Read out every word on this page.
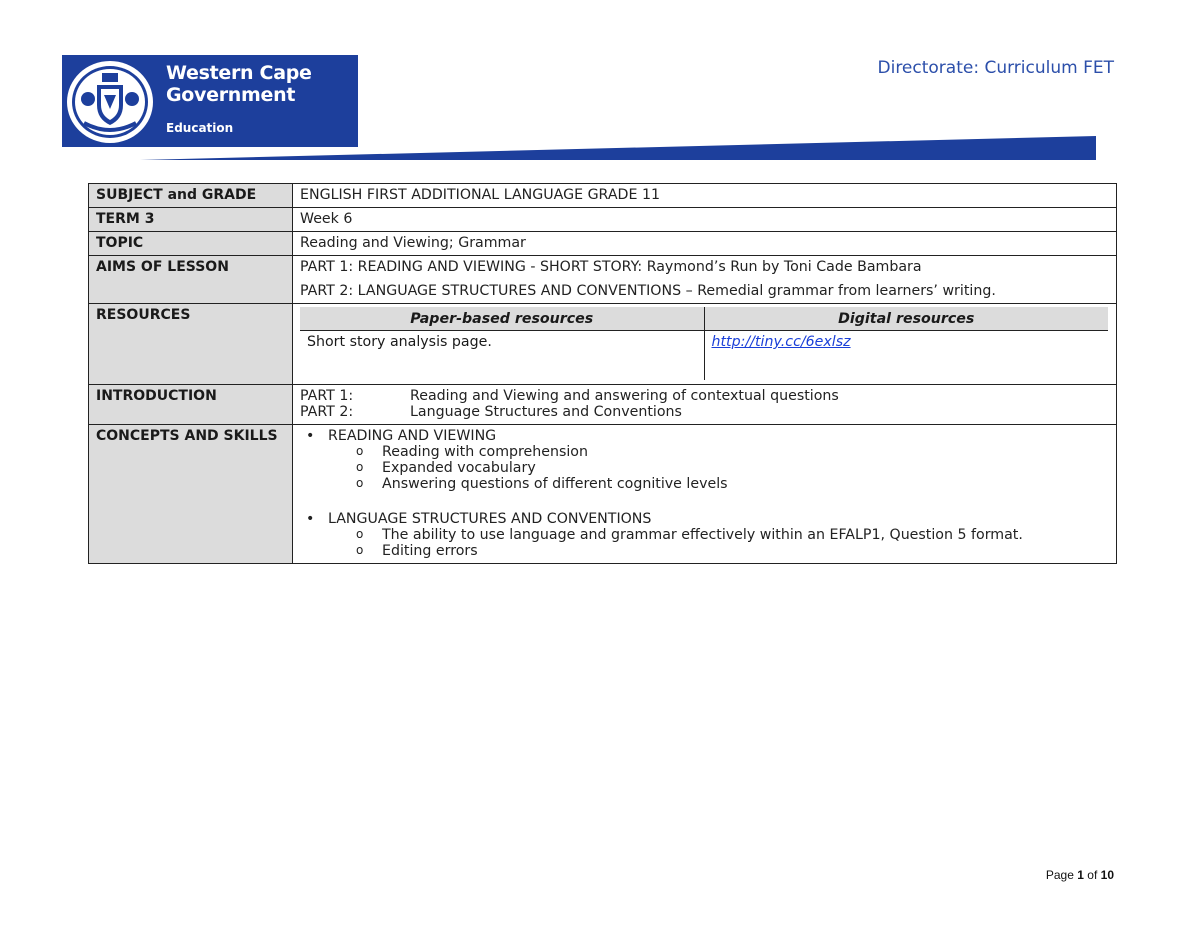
Western Cape
Government
Education
Directorate: Curriculum FET
SUBJECT and GRADE	ENGLISH FIRST ADDITIONAL LANGUAGE GRADE 11
TERM 3	Week 6
TOPIC	Reading and Viewing; Grammar
AIMS OF LESSON	PART 1: READING AND VIEWING - SHORT STORY: Raymond’s Run by Toni Cade Bambara
PART 2: LANGUAGE STRUCTURES AND CONVENTIONS – Remedial grammar from learners’ writing.

RESOURCES		Paper-based resources	Digital resources
Short story analysis page.	http://tiny.cc/6exlsz

INTRODUCTION	PART 1:	Reading and Viewing and answering of contextual questions
PART 2:	Language Structures and Conventions

CONCEPTS AND SKILLS	
•READING AND VIEWING
o Reading with comprehension
o Expanded vocabulary
o Answering questions of different cognitive levels
• LANGUAGE STRUCTURES AND CONVENTIONS
o The ability to use language and grammar effectively within an EFALP1, Question 5 format.
o Editing errors
Page 1 of 10
